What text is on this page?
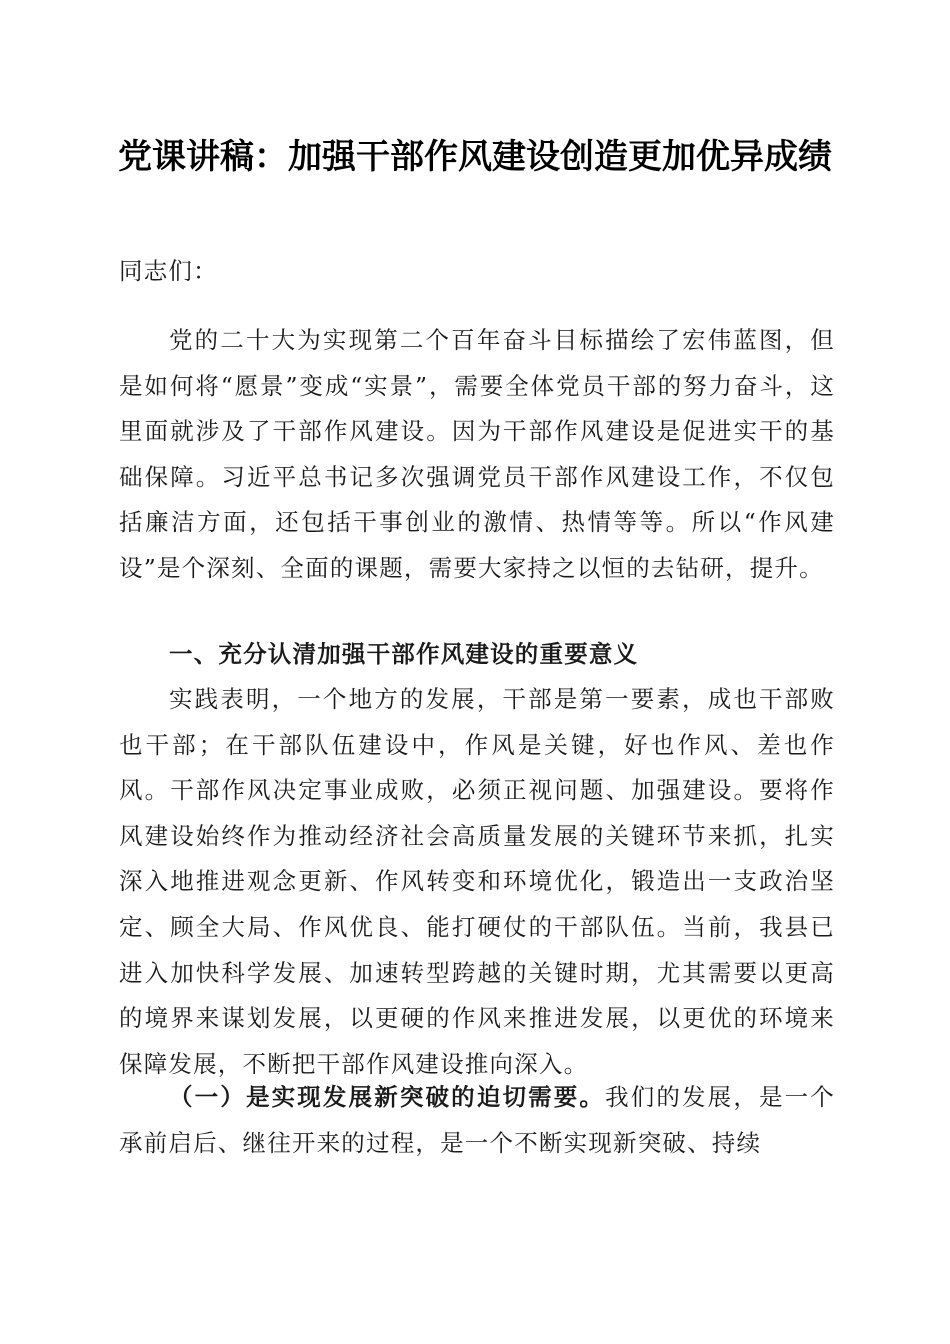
党课讲稿：加强干部作风建设创造更加优异成绩

同志们：

党的二十大为实现第二个百年奋斗目标描绘了宏伟蓝图，但是如何将“愿景”变成“实景”，需要全体党员干部的努力奋斗，这里面就涉及了干部作风建设。因为干部作风建设是促进实干的基础保障。习近平总书记多次强调党员干部作风建设工作，不仅包括廉洁方面，还包括干事创业的激情、热情等等。所以“作风建设”是个深刻、全面的课题，需要大家持之以恒的去钻研，提升。

一、充分认清加强干部作风建设的重要意义

实践表明，一个地方的发展，干部是第一要素，成也干部败也干部；在干部队伍建设中，作风是关键，好也作风、差也作风。干部作风决定事业成败，必须正视问题、加强建设。要将作风建设始终作为推动经济社会高质量发展的关键环节来抓，扎实深入地推进观念更新、作风转变和环境优化，锻造出一支政治坚定、顾全大局、作风优良、能打硬仗的干部队伍。当前，我县已进入加快科学发展、加速转型跨越的关键时期，尤其需要以更高的境界来谋划发展，以更硬的作风来推进发展，以更优的环境来保障发展，不断把干部作风建设推向深入。

（一）是实现发展新突破的迫切需要。我们的发展，是一个承前启后、继往开来的过程，是一个不断实现新突破、持续
